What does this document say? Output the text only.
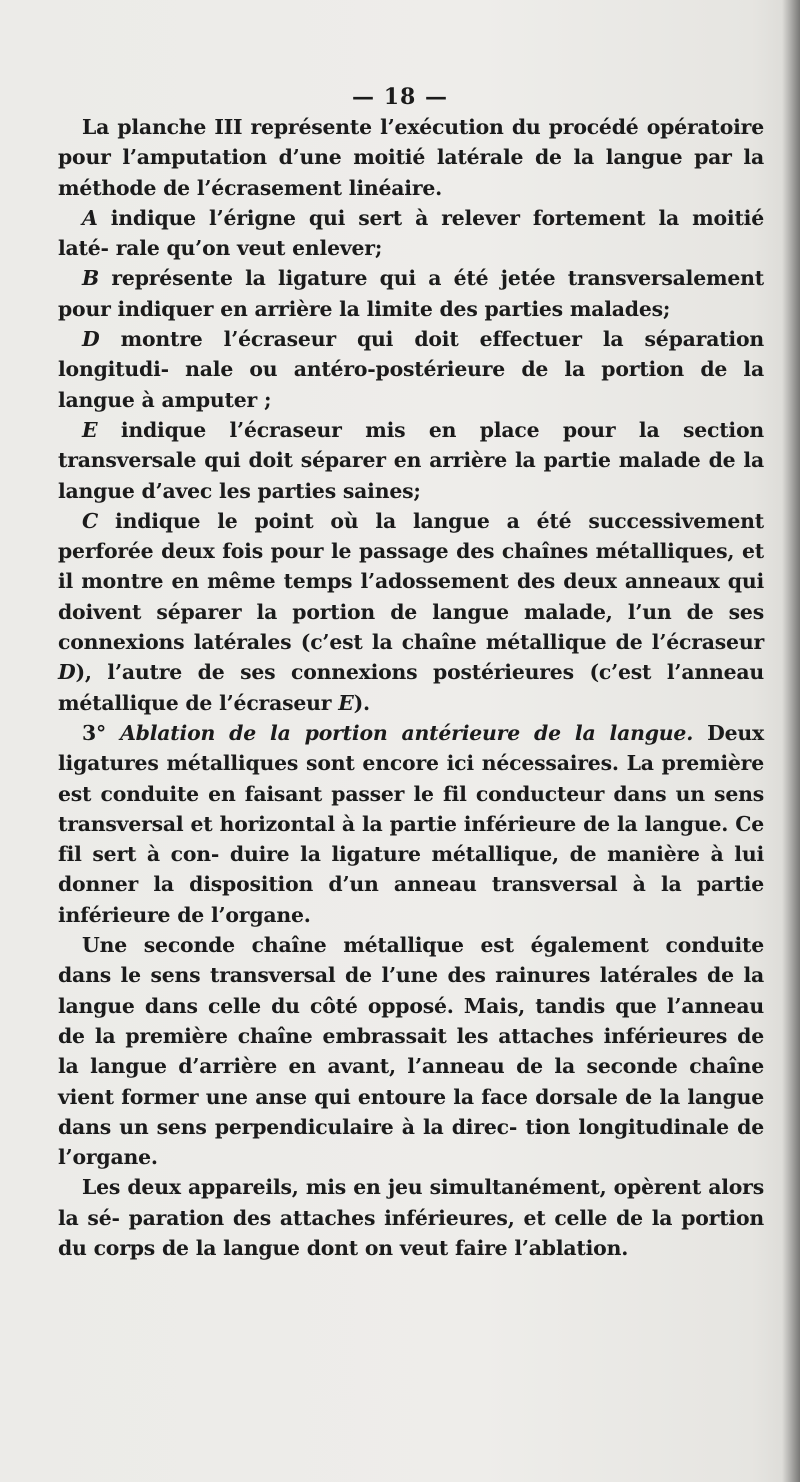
— 18 —

La planche III représente l’exécution du procédé opératoire pour l’amputation d’une moitié latérale de la langue par la méthode de l’écrasement linéaire.

A indique l’érigne qui sert à relever fortement la moitié laté- rale qu’on veut enlever;

B représente la ligature qui a été jetée transversalement pour indiquer en arrière la limite des parties malades;

D montre l’écraseur qui doit effectuer la séparation longitudi- nale ou antéro-postérieure de la portion de la langue à amputer ;

E indique l’écraseur mis en place pour la section transversale qui doit séparer en arrière la partie malade de la langue d’avec les parties saines;

C indique le point où la langue a été successivement perforée deux fois pour le passage des chaînes métalliques, et il montre en même temps l’adossement des deux anneaux qui doivent séparer la portion de langue malade, l’un de ses connexions latérales (c’est la chaîne métallique de l’écraseur D), l’autre de ses connexions postérieures (c’est l’anneau métallique de l’écraseur E).

3° Ablation de la portion antérieure de la langue. Deux ligatures métalliques sont encore ici nécessaires. La première est conduite en faisant passer le fil conducteur dans un sens transversal et horizontal à la partie inférieure de la langue. Ce fil sert à con- duire la ligature métallique, de manière à lui donner la disposition d’un anneau transversal à la partie inférieure de l’organe.

Une seconde chaîne métallique est également conduite dans le sens transversal de l’une des rainures latérales de la langue dans celle du côté opposé. Mais, tandis que l’anneau de la première chaîne embrassait les attaches inférieures de la langue d’arrière en avant, l’anneau de la seconde chaîne vient former une anse qui entoure la face dorsale de la langue dans un sens perpendiculaire à la direc- tion longitudinale de l’organe.

Les deux appareils, mis en jeu simultanément, opèrent alors la sé- paration des attaches inférieures, et celle de la portion du corps de la langue dont on veut faire l’ablation.
